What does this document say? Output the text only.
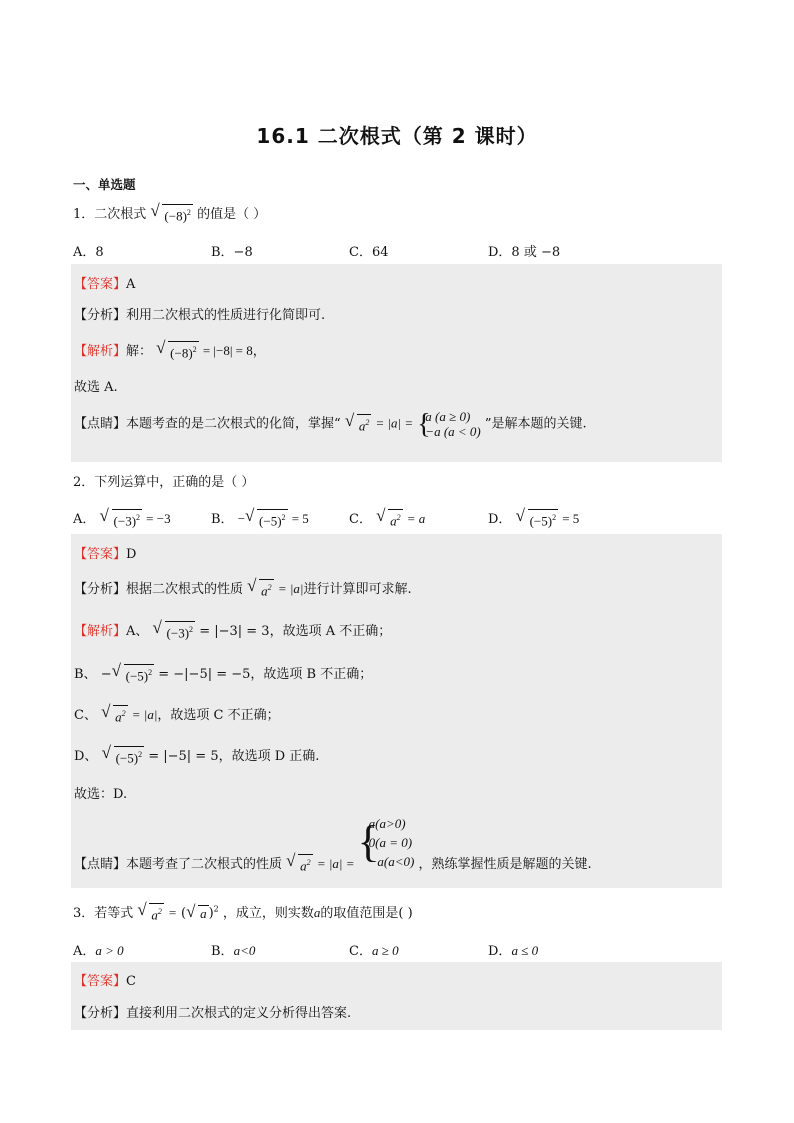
16.1 二次根式（第 2 课时）
一、单选题
1．二次根式 √ $(-8)^2$ 的值是（ ）
A．8	B．−8	C．64	D．8 或 −8
【答案】A
【分析】利用二次根式的性质进行化简即可.
【解析】解： √ $(-8)^2 = |-8| = 8$，
故选 A.
【点睛】本题考查的是二次根式的化简，掌握“ √ $a^2 = |a|$ = {
a (a ≥ 0)
−a (a < 0) ”是解本题的关键.
2．下列运算中，正确的是（ ）
A． √ $(-3)^2 = -3$	B． − √ $(-5)^2 = 5$	C． √ $a^2 = a$	D． √ $(-5)^2 = 5$
【答案】D
【分析】根据二次根式的性质 √ $a^2 = |a|$进行计算即可求解.
【解析】A、 √ $(-3)^2 = |-3| = 3$，故选项 A 不正确；
B、 − √ $(-5)^2 = -|-5| = -5$，故选项 B 不正确；
C、 √ $a^2 = |a|$，故选项 C 不正确；
D、 √ $(-5)^2 = |-5| = 5$，故选项 D 正确.
故选：D.
【点睛】本题考查了二次根式的性质 √ $a^2 = |a|$ = {
a(a>0)
0(a = 0)
−a(a<0) ，熟练掌握性质是解题的关键.
3．若等式 √ $a^2$ = ( √ a )$^2$ ，成立，则实数a的取值范围是( )
A．a > 0	B．a<0	C．a ≥ 0	D．a ≤ 0
【答案】C
【分析】直接利用二次根式的定义分析得出答案.
